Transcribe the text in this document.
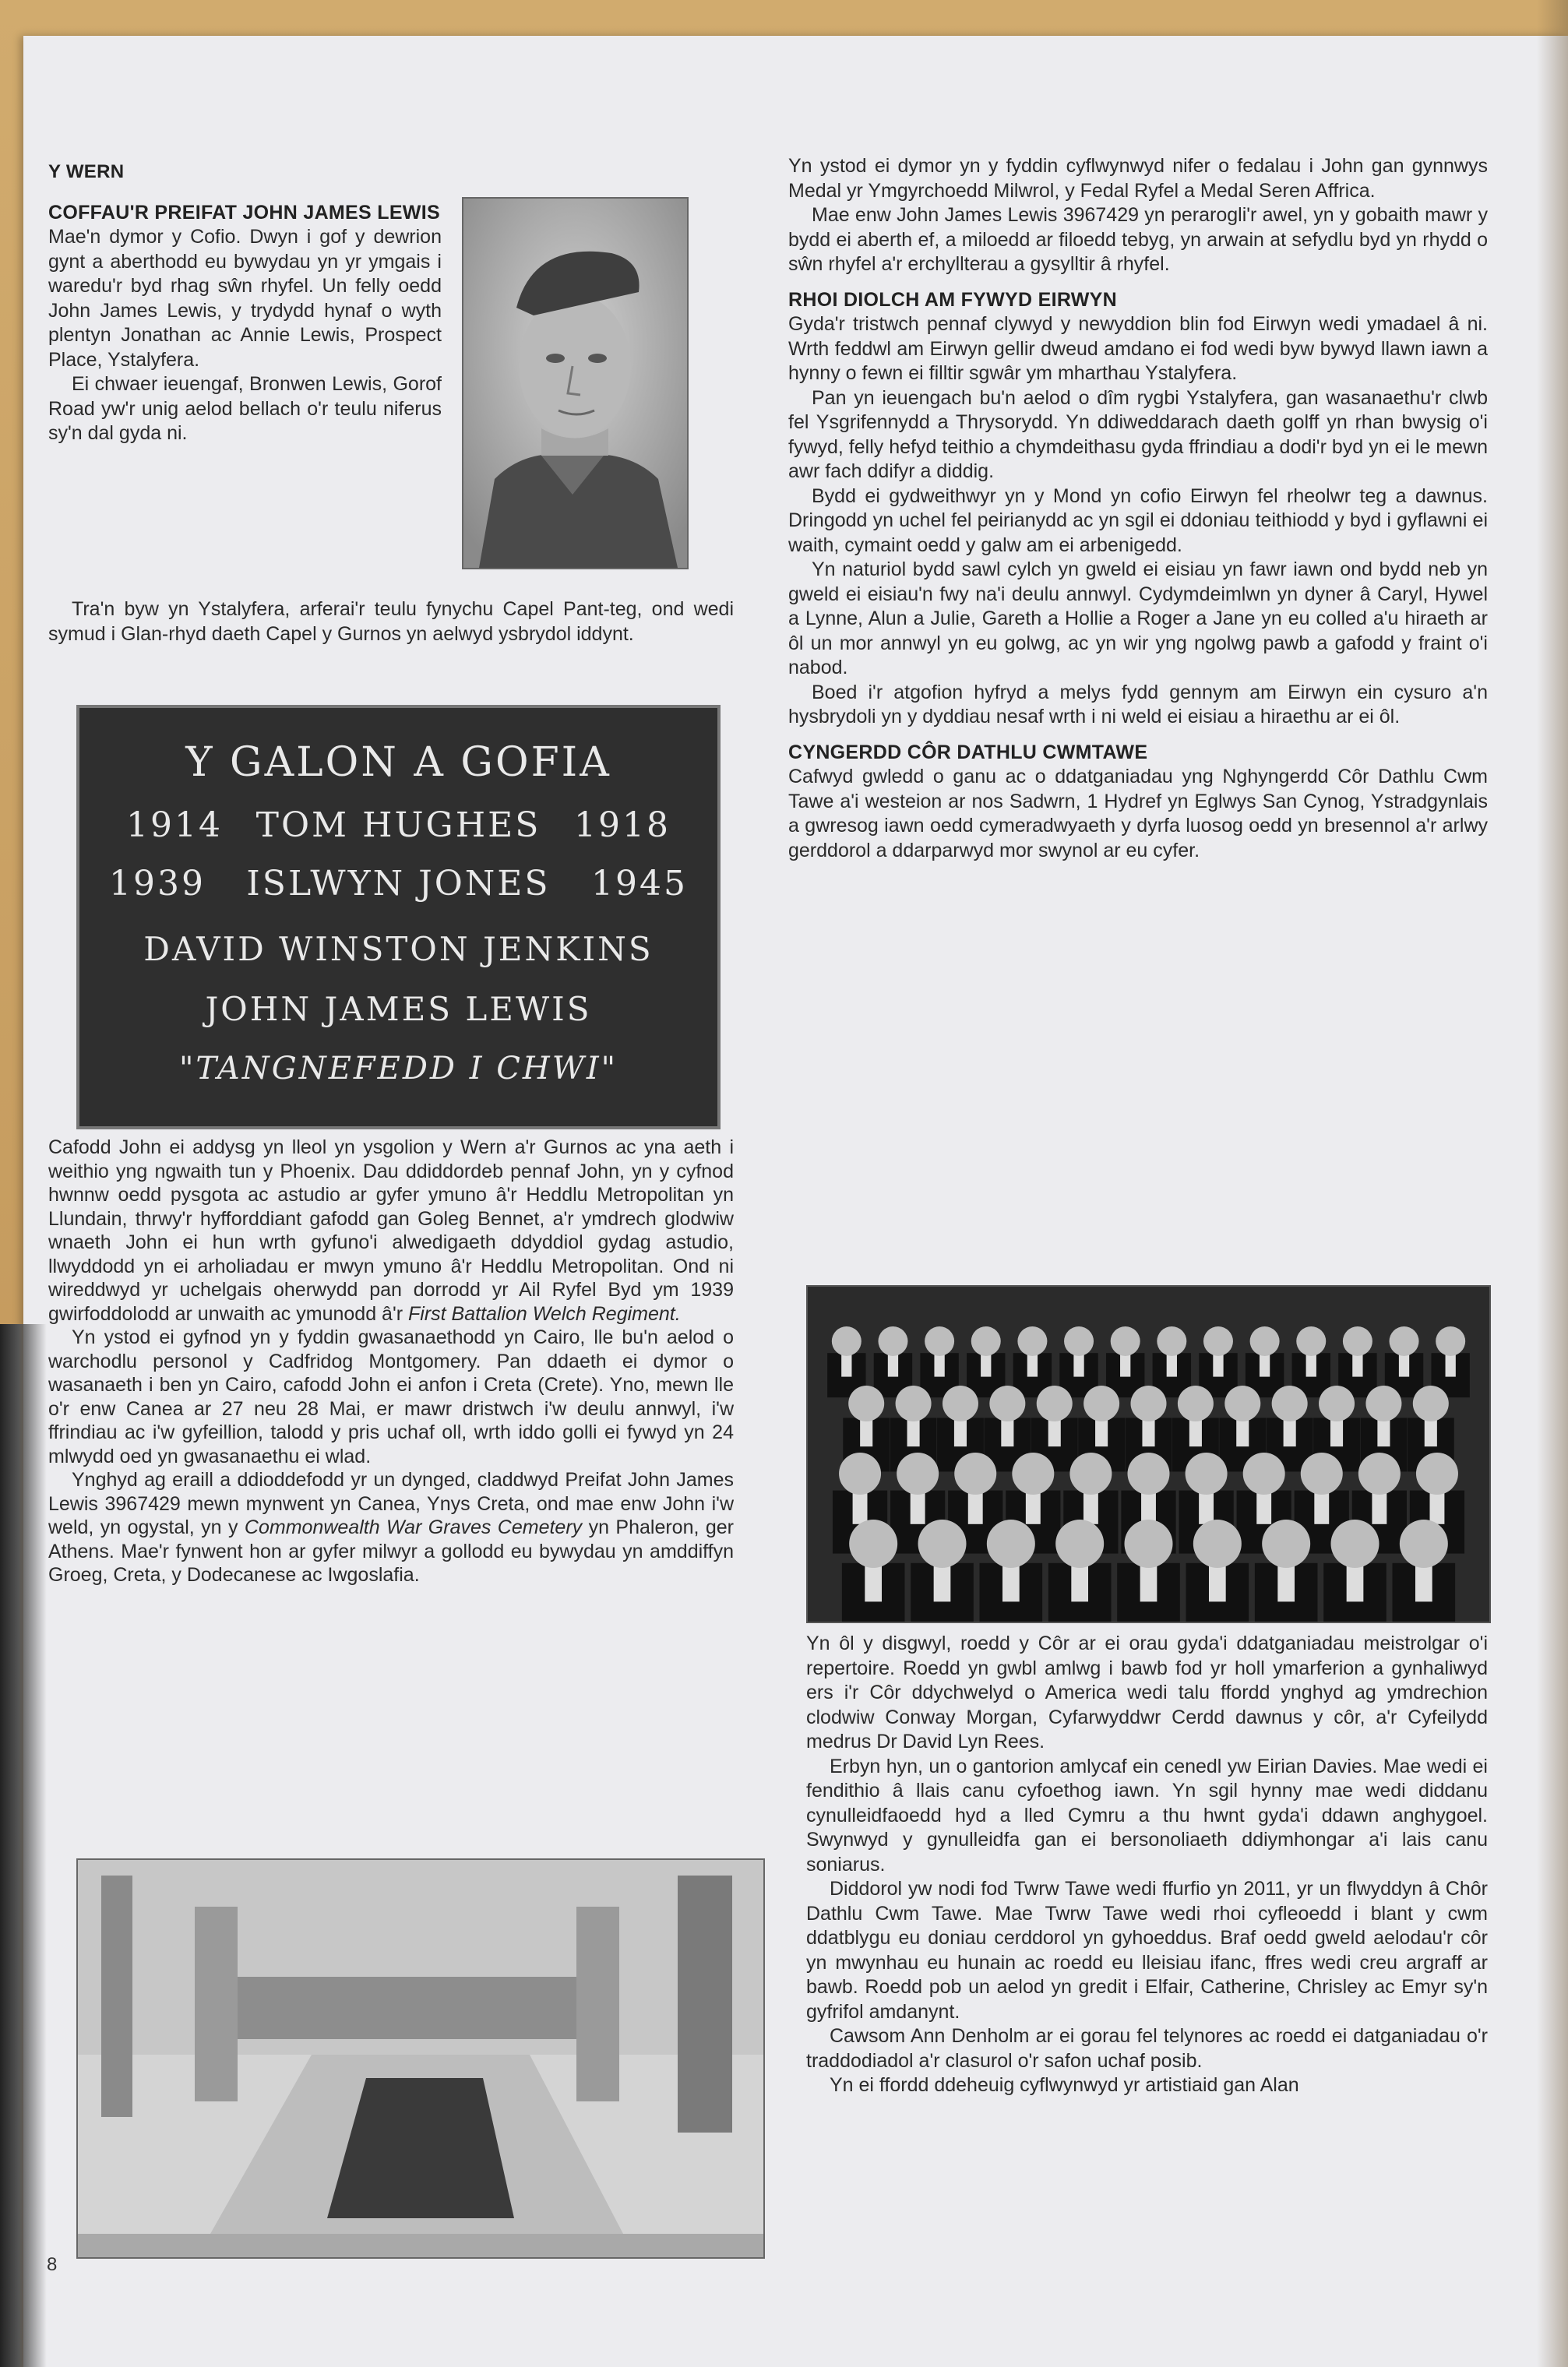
Y WERN

COFFAU'R PREIFAT JOHN JAMES LEWIS

Mae'n dymor y Cofio. Dwyn i gof y dewrion gynt a aberthodd eu bywydau yn yr ymgais i waredu'r byd rhag sŵn rhyfel. Un felly oedd John James Lewis, y trydydd hynaf o wyth plentyn Jonathan ac Annie Lewis, Prospect Place, Ystalyfera.

Ei chwaer ieuengaf, Bronwen Lewis, Gorof Road yw'r unig aelod bellach o'r teulu niferus sy'n dal gyda ni.

Tra'n byw yn Ystalyfera, arferai'r teulu fynychu Capel Pant-teg, ond wedi symud i Glan-rhyd daeth Capel y Gurnos yn aelwyd ysbrydol iddynt.

Y GALON A GOFIA
1914 TOM HUGHES 1918
1939 ISLWYN JONES 1945
DAVID WINSTON JENKINS
JOHN JAMES LEWIS
"TANGNEFEDD I CHWI"

Cafodd John ei addysg yn lleol yn ysgolion y Wern a'r Gurnos ac yna aeth i weithio yng ngwaith tun y Phoenix. Dau ddiddordeb pennaf John, yn y cyfnod hwnnw oedd pysgota ac astudio ar gyfer ymuno â'r Heddlu Metropolitan yn Llundain, thrwy'r hyfforddiant gafodd gan Goleg Bennet, a'r ymdrech glodwiw wnaeth John ei hun wrth gyfuno'i alwedigaeth ddyddiol gydag astudio, llwyddodd yn ei arholiadau er mwyn ymuno â'r Heddlu Metropolitan. Ond ni wireddwyd yr uchelgais oherwydd pan dorrodd yr Ail Ryfel Byd ym 1939 gwirfoddolodd ar unwaith ac ymunodd â'r First Battalion Welch Regiment.

Yn ystod ei gyfnod yn y fyddin gwasanaethodd yn Cairo, lle bu'n aelod o warchodlu personol y Cadfridog Montgomery. Pan ddaeth ei dymor o wasanaeth i ben yn Cairo, cafodd John ei anfon i Creta (Crete). Yno, mewn lle o'r enw Canea ar 27 neu 28 Mai, er mawr dristwch i'w deulu annwyl, i'w ffrindiau ac i'w gyfeillion, talodd y pris uchaf oll, wrth iddo golli ei fywyd yn 24 mlwydd oed yn gwasanaethu ei wlad.

Ynghyd ag eraill a ddioddefodd yr un dynged, claddwyd Preifat John James Lewis 3967429 mewn mynwent yn Canea, Ynys Creta, ond mae enw John i'w weld, yn ogystal, yn y Commonwealth War Graves Cemetery yn Phaleron, ger Athens. Mae'r fynwent hon ar gyfer milwyr a gollodd eu bywydau yn amddiffyn Groeg, Creta, y Dodecanese ac Iwgoslafia.

8

Yn ystod ei dymor yn y fyddin cyflwynwyd nifer o fedalau i John gan gynnwys Medal yr Ymgyrchoedd Milwrol, y Fedal Ryfel a Medal Seren Affrica.

Mae enw John James Lewis 3967429 yn perarogli'r awel, yn y gobaith mawr y bydd ei aberth ef, a miloedd ar filoedd tebyg, yn arwain at sefydlu byd yn rhydd o sŵn rhyfel a'r erchyllterau a gysylltir â rhyfel.

RHOI DIOLCH AM FYWYD EIRWYN

Gyda'r tristwch pennaf clywyd y newyddion blin fod Eirwyn wedi ymadael â ni. Wrth feddwl am Eirwyn gellir dweud amdano ei fod wedi byw bywyd llawn iawn a hynny o fewn ei filltir sgwâr ym mharthau Ystalyfera.

Pan yn ieuengach bu'n aelod o dîm rygbi Ystalyfera, gan wasanaethu'r clwb fel Ysgrifennydd a Thrysorydd. Yn ddiweddarach daeth golff yn rhan bwysig o'i fywyd, felly hefyd teithio a chymdeithasu gyda ffrindiau a dodi'r byd yn ei le mewn awr fach ddifyr a diddig.

Bydd ei gydweithwyr yn y Mond yn cofio Eirwyn fel rheolwr teg a dawnus. Dringodd yn uchel fel peirianydd ac yn sgil ei ddoniau teithiodd y byd i gyflawni ei waith, cymaint oedd y galw am ei arbenigedd.

Yn naturiol bydd sawl cylch yn gweld ei eisiau yn fawr iawn ond bydd neb yn gweld ei eisiau'n fwy na'i deulu annwyl. Cydymdeimlwn yn dyner â Caryl, Hywel a Lynne, Alun a Julie, Gareth a Hollie a Roger a Jane yn eu colled a'u hiraeth ar ôl un mor annwyl yn eu golwg, ac yn wir yng ngolwg pawb a gafodd y fraint o'i nabod.

Boed i'r atgofion hyfryd a melys fydd gennym am Eirwyn ein cysuro a'n hysbrydoli yn y dyddiau nesaf wrth i ni weld ei eisiau a hiraethu ar ei ôl.

CYNGERDD CÔR DATHLU CWMTAWE

Cafwyd gwledd o ganu ac o ddatganiadau yng Nghyngerdd Côr Dathlu Cwm Tawe a'i westeion ar nos Sadwrn, 1 Hydref yn Eglwys San Cynog, Ystradgynlais a gwresog iawn oedd cymeradwyaeth y dyrfa luosog oedd yn bresennol a'r arlwy gerddorol a ddarparwyd mor swynol ar eu cyfer.

Yn ôl y disgwyl, roedd y Côr ar ei orau gyda'i ddatganiadau meistrolgar o'i repertoire. Roedd yn gwbl amlwg i bawb fod yr holl ymarferion a gynhaliwyd ers i'r Côr ddychwelyd o America wedi talu ffordd ynghyd ag ymdrechion clodwiw Conway Morgan, Cyfarwyddwr Cerdd dawnus y côr, a'r Cyfeilydd medrus Dr David Lyn Rees.

Erbyn hyn, un o gantorion amlycaf ein cenedl yw Eirian Davies. Mae wedi ei fendithio â llais canu cyfoethog iawn. Yn sgil hynny mae wedi diddanu cynulleidfaoedd hyd a lled Cymru a thu hwnt gyda'i ddawn anghygoel. Swynwyd y gynulleidfa gan ei bersonoliaeth ddiymhongar a'i lais canu soniarus.

Diddorol yw nodi fod Twrw Tawe wedi ffurfio yn 2011, yr un flwyddyn â Chôr Dathlu Cwm Tawe. Mae Twrw Tawe wedi rhoi cyfleoedd i blant y cwm ddatblygu eu doniau cerddorol yn gyhoeddus. Braf oedd gweld aelodau'r côr yn mwynhau eu hunain ac roedd eu lleisiau ifanc, ffres wedi creu argraff ar bawb. Roedd pob un aelod yn gredit i Elfair, Catherine, Chrisley ac Emyr sy'n gyfrifol amdanynt.

Cawsom Ann Denholm ar ei gorau fel telynores ac roedd ei datganiadau o'r traddodiadol a'r clasurol o'r safon uchaf posib.

Yn ei ffordd ddeheuig cyflwynwyd yr artistiaid gan Alan
